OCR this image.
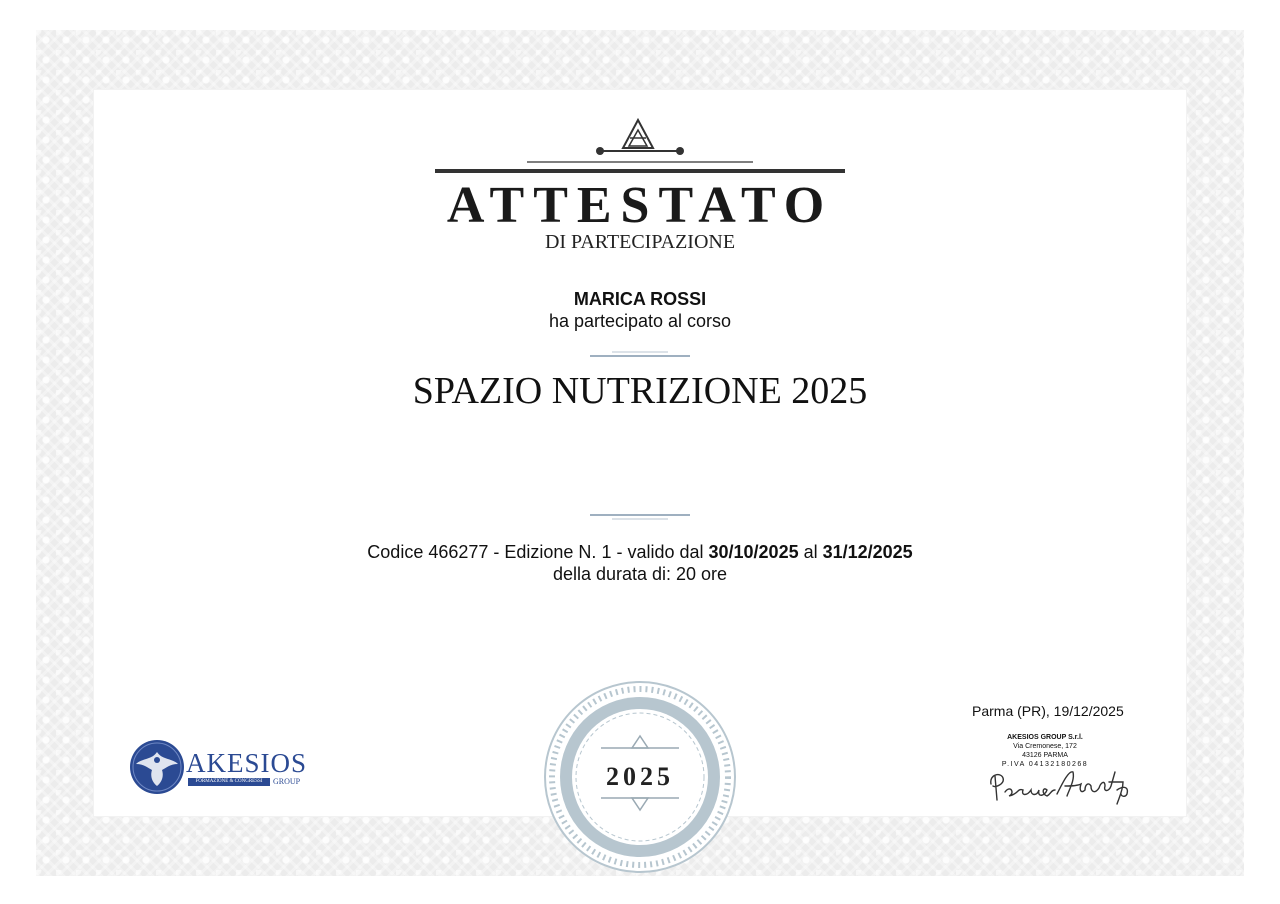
ATTESTATO
DI PARTECIPAZIONE
MARICA ROSSI
ha partecipato al corso
SPAZIO NUTRIZIONE 2025
Codice 466277 - Edizione N. 1 - valido dal 30/10/2025 al 31/12/2025
della durata di: 20 ore
AKESIOS
FORMAZIONE & CONGRESSI	GROUP	2025
Parma (PR), 19/12/2025
AKESIOS GROUP S.r.l.
Via Cremonese, 172
43126 PARMA
P.IVA 04132180268
